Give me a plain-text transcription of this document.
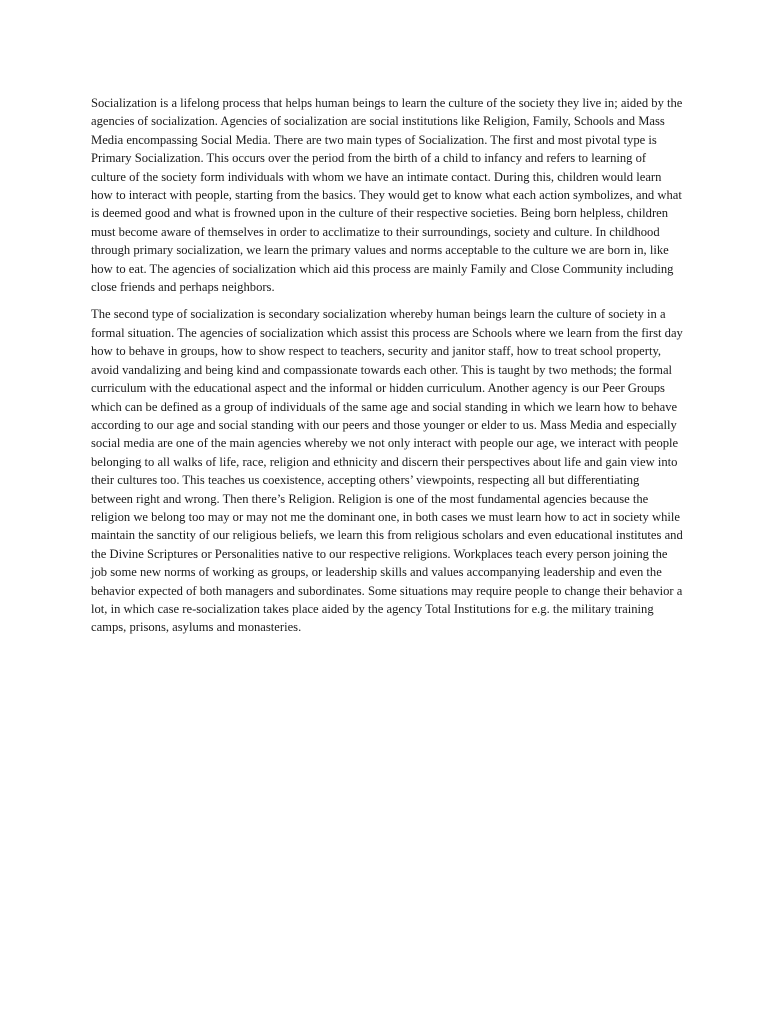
Socialization is a lifelong process that helps human beings to learn the culture of the society they live in; aided by the agencies of socialization. Agencies of socialization are social institutions like Religion, Family, Schools and Mass Media encompassing Social Media. There are two main types of Socialization. The first and most pivotal type is Primary Socialization. This occurs over the period from the birth of a child to infancy and refers to learning of culture of the society form individuals with whom we have an intimate contact. During this, children would learn how to interact with people, starting from the basics. They would get to know what each action symbolizes, and what is deemed good and what is frowned upon in the culture of their respective societies. Being born helpless, children must become aware of themselves in order to acclimatize to their surroundings, society and culture. In childhood through primary socialization, we learn the primary values and norms acceptable to the culture we are born in, like how to eat. The agencies of socialization which aid this process are mainly Family and Close Community including close friends and perhaps neighbors.

The second type of socialization is secondary socialization whereby human beings learn the culture of society in a formal situation. The agencies of socialization which assist this process are Schools where we learn from the first day how to behave in groups, how to show respect to teachers, security and janitor staff, how to treat school property, avoid vandalizing and being kind and compassionate towards each other. This is taught by two methods; the formal curriculum with the educational aspect and the informal or hidden curriculum. Another agency is our Peer Groups which can be defined as a group of individuals of the same age and social standing in which we learn how to behave according to our age and social standing with our peers and those younger or elder to us. Mass Media and especially social media are one of the main agencies whereby we not only interact with people our age, we interact with people belonging to all walks of life, race, religion and ethnicity and discern their perspectives about life and gain view into their cultures too. This teaches us coexistence, accepting others’ viewpoints, respecting all but differentiating between right and wrong. Then there’s Religion. Religion is one of the most fundamental agencies because the religion we belong too may or may not me the dominant one, in both cases we must learn how to act in society while maintain the sanctity of our religious beliefs, we learn this from religious scholars and even educational institutes and the Divine Scriptures or Personalities native to our respective religions. Workplaces teach every person joining the job some new norms of working as groups, or leadership skills and values accompanying leadership and even the behavior expected of both managers and subordinates. Some situations may require people to change their behavior a lot, in which case re-socialization takes place aided by the agency Total Institutions for e.g. the military training camps, prisons, asylums and monasteries.
